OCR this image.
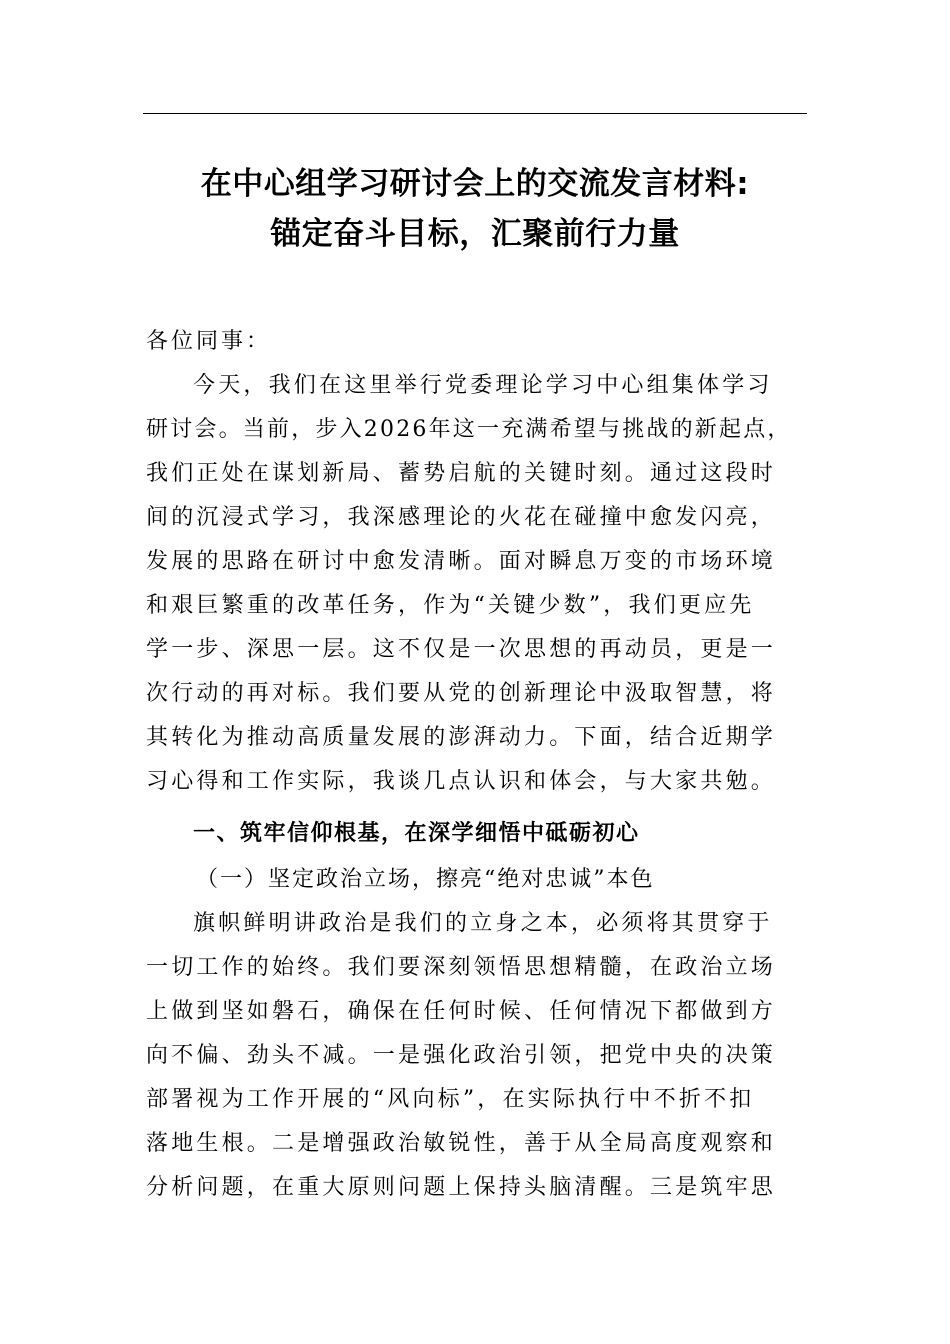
在中心组学习研讨会上的交流发言材料:
锚定奋斗目标，汇聚前行力量
各位同事：
今天，我们在这里举行党委理论学习中心组集体学习
研讨会。当前，步入2026年这一充满希望与挑战的新起点，
我们正处在谋划新局、蓄势启航的关键时刻。通过这段时
间的沉浸式学习，我深感理论的火花在碰撞中愈发闪亮，
发展的思路在研讨中愈发清晰。面对瞬息万变的市场环境
和艰巨繁重的改革任务，作为“关键少数”，我们更应先
学一步、深思一层。这不仅是一次思想的再动员，更是一
次行动的再对标。我们要从党的创新理论中汲取智慧，将
其转化为推动高质量发展的澎湃动力。下面，结合近期学
习心得和工作实际，我谈几点认识和体会，与大家共勉。
一、筑牢信仰根基，在深学细悟中砥砺初心
（一）坚定政治立场，擦亮“绝对忠诚”本色
旗帜鲜明讲政治是我们的立身之本，必须将其贯穿于
一切工作的始终。我们要深刻领悟思想精髓，在政治立场
上做到坚如磐石，确保在任何时候、任何情况下都做到方
向不偏、劲头不减。一是强化政治引领，把党中央的决策
部署视为工作开展的“风向标”，在实际执行中不折不扣
落地生根。二是增强政治敏锐性，善于从全局高度观察和
分析问题，在重大原则问题上保持头脑清醒。三是筑牢思
